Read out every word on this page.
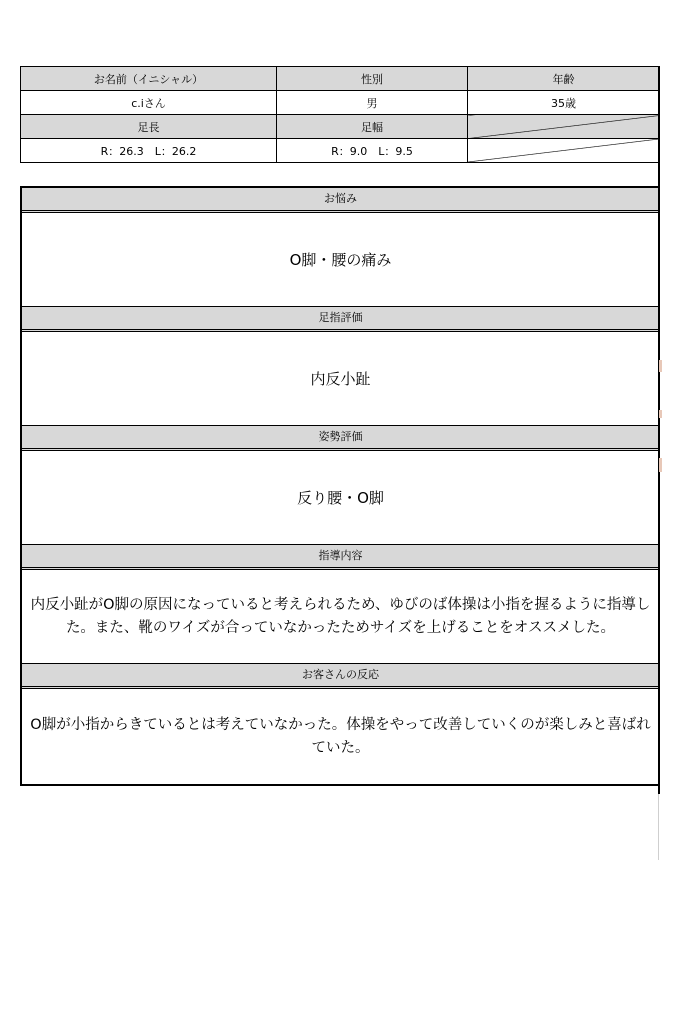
お名前（イニシャル）	性別	年齢
c.iさん	男	35歳
足長	足幅	
R：26.3　L：26.2	R：9.0　L：9.5	
お悩み
O脚・腰の痛み
足指評価
内反小趾
姿勢評価
反り腰・O脚
指導内容
内反小趾がO脚の原因になっていると考えられるため、ゆびのば体操は小指を握るように指導した。また、靴のワイズが合っていなかったためサイズを上げることをオススメした。
お客さんの反応
O脚が小指からきているとは考えていなかった。体操をやって改善していくのが楽しみと喜ばれていた。
